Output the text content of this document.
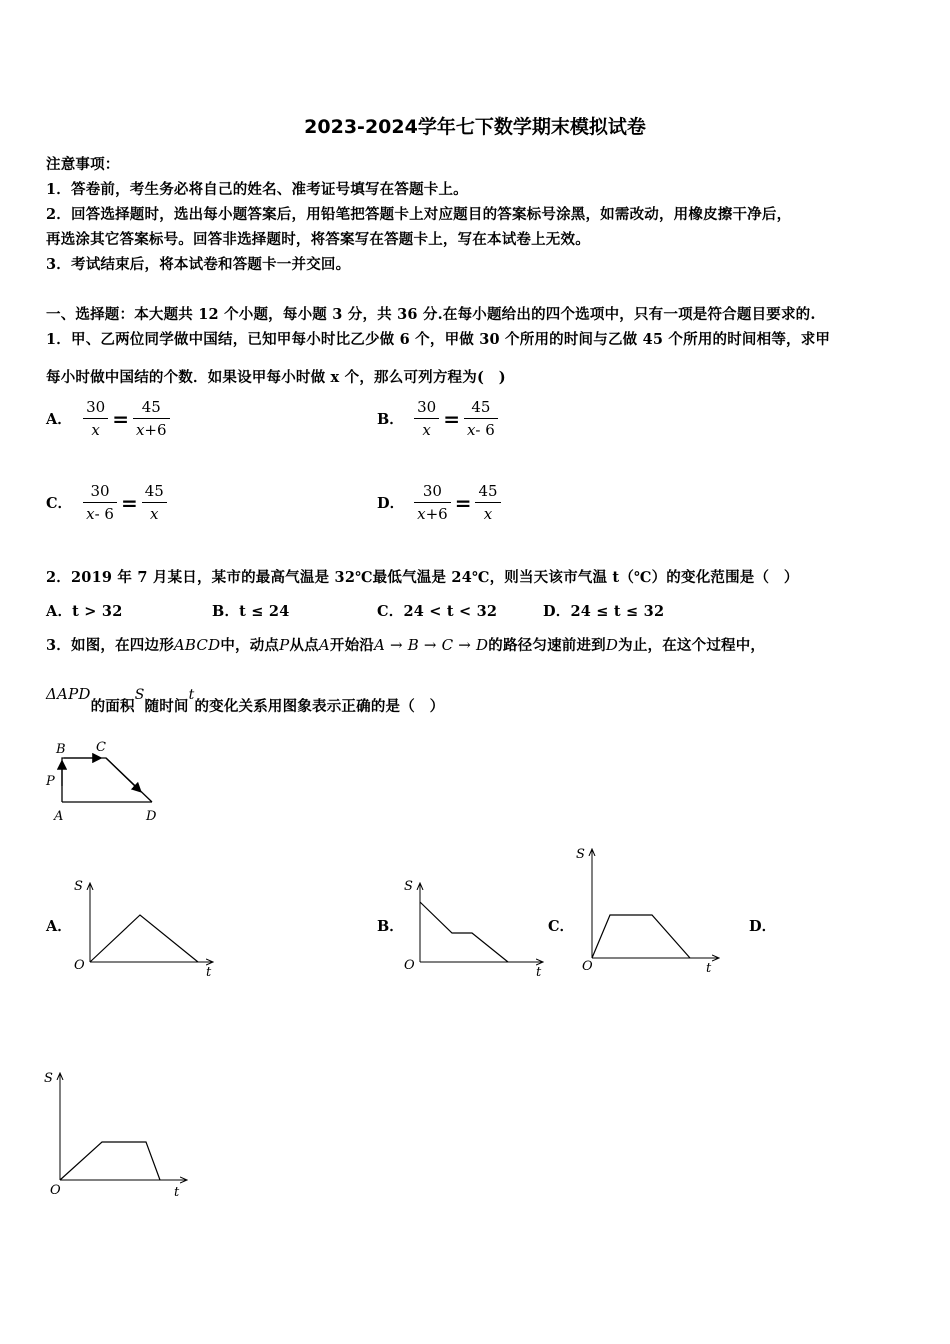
2023-2024学年七下数学期末模拟试卷
注意事项：
1．答卷前，考生务必将自己的姓名、准考证号填写在答题卡上。
2．回答选择题时，选出每小题答案后，用铅笔把答题卡上对应题目的答案标号涂黑，如需改动，用橡皮擦干净后，
再选涂其它答案标号。回答非选择题时，将答案写在答题卡上，写在本试卷上无效。
3．考试结束后，将本试卷和答题卡一并交回。
一、选择题：本大题共 12 个小题，每小题 3 分，共 36 分.在每小题给出的四个选项中，只有一项是符合题目要求的.
1．甲、乙两位同学做中国结，已知甲每小时比乙少做 6 个，甲做 30 个所用的时间与乙做 45 个所用的时间相等，求甲
每小时做中国结的个数．如果设甲每小时做 x 个，那么可列方程为(　)
A． $\frac{30}{x} = \frac{45}{x+6}$	B． $\frac{30}{x} = \frac{45}{x- 6}$
C． $\frac{30}{x- 6} = \frac{45}{x}$	D． $\frac{30}{x+6} = \frac{45}{x}$
2．2019 年 7 月某日，某市的最高气温是 32℃最低气温是 24℃，则当天该市气温 t（℃）的变化范围是（　）
A．t > 32	B．t ≤ 24	C．24 < t < 32	D．24 ≤ t ≤ 32
3．如图，在四边形ABCD中，动点P从点A开始沿A → B → C → D的路径匀速前进到D为止，在这个过程中，
ΔAPD的面积S随时间t的变化关系用图象表示正确的是（　）
B C
P
A	D
A．
S
O	t
B．
S
O	t
C．
S
O	t
D．
S
O	t
